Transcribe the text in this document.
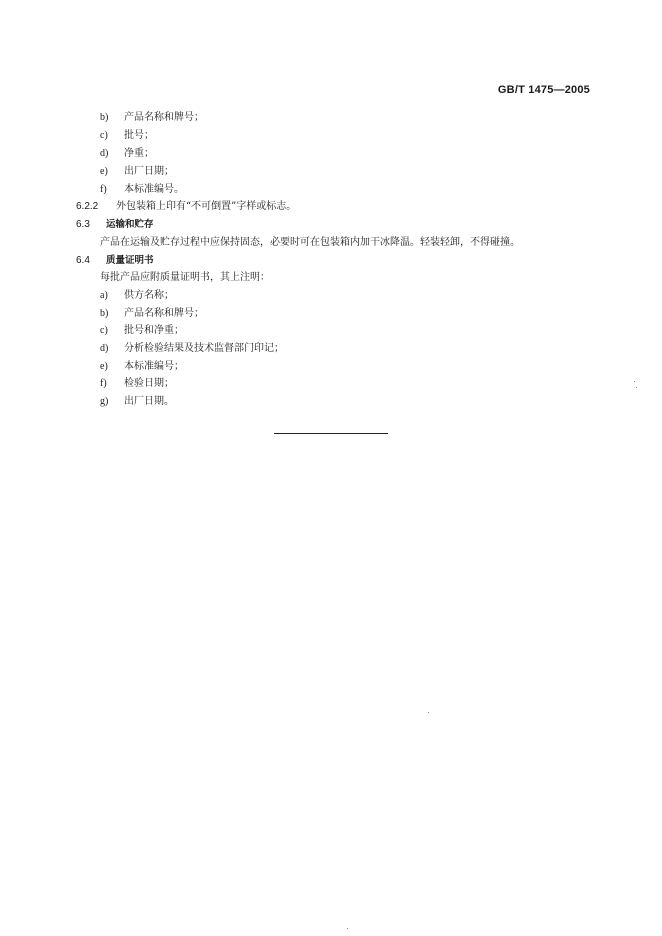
GB/T 1475—2005
b) 产品名称和牌号；
c) 批号；
d) 净重；
e) 出厂日期；
f) 本标准编号。
6.2.2 外包装箱上印有“不可倒置”字样或标志。
6.3 运输和贮存
产品在运输及贮存过程中应保持固态，必要时可在包装箱内加干冰降温。轻装轻卸，不得碰撞。
6.4 质量证明书
每批产品应附质量证明书，其上注明：
a) 供方名称；
b) 产品名称和牌号；
c) 批号和净重；
d) 分析检验结果及技术监督部门印记；
e) 本标准编号；
f) 检验日期；
g) 出厂日期。
